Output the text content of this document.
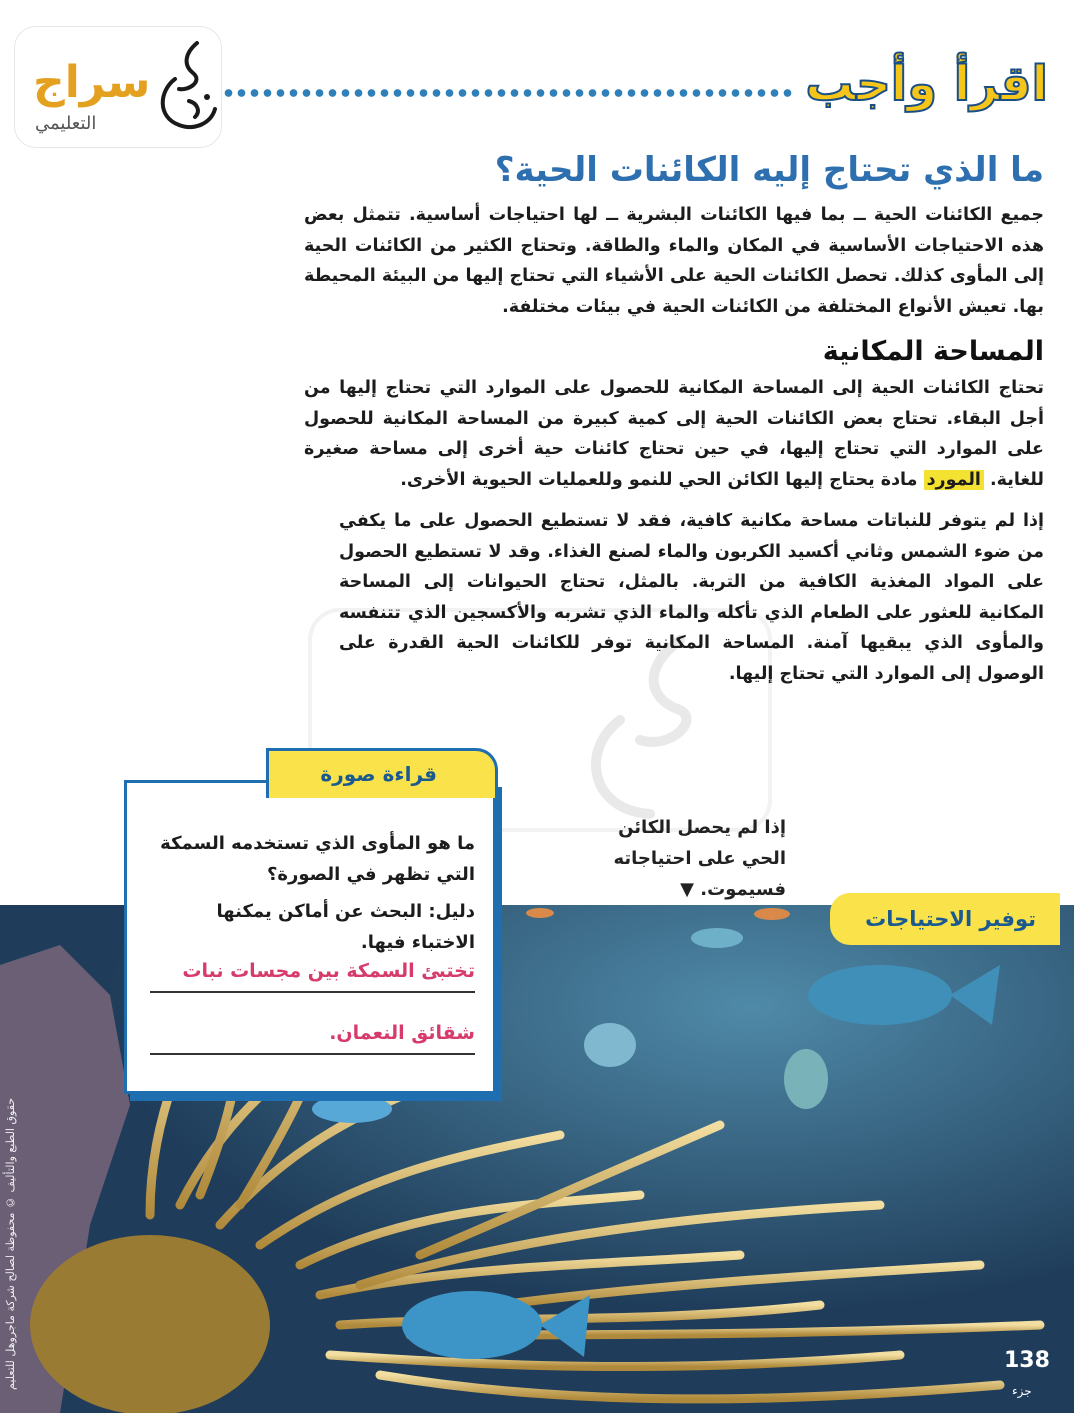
سراج
التعليمي
اقرأ وأجب
ما الذي تحتاج إليه الكائنات الحية؟

جميع الكائنات الحية ــ بما فيها الكائنات البشرية ــ لها احتياجات أساسية. تتمثل بعض هذه الاحتياجات الأساسية في المكان والماء والطاقة. وتحتاج الكثير من الكائنات الحية إلى المأوى كذلك. تحصل الكائنات الحية على الأشياء التي تحتاج إليها من البيئة المحيطة بها. تعيش الأنواع المختلفة من الكائنات الحية في بيئات مختلفة.

المساحة المكانية

تحتاج الكائنات الحية إلى المساحة المكانية للحصول على الموارد التي تحتاج إليها من أجل البقاء. تحتاج بعض الكائنات الحية إلى كمية كبيرة من المساحة المكانية للحصول على الموارد التي تحتاج إليها، في حين تحتاج كائنات حية أخرى إلى مساحة صغيرة للغاية. المورد مادة يحتاج إليها الكائن الحي للنمو وللعمليات الحيوية الأخرى.

إذا لم يتوفر للنباتات مساحة مكانية كافية، فقد لا تستطيع الحصول على ما يكفي من ضوء الشمس وثاني أكسيد الكربون والماء لصنع الغذاء. وقد لا تستطيع الحصول على المواد المغذية الكافية من التربة. بالمثل، تحتاج الحيوانات إلى المساحة المكانية للعثور على الطعام الذي تأكله والماء الذي تشربه والأكسجين الذي تتنفسه والمأوى الذي يبقيها آمنة. المساحة المكانية توفر للكائنات الحية القدرة على الوصول إلى الموارد التي تحتاج إليها.

إذا لم يحصل الكائن الحي على احتياجاته فسيموت. ▼

توفير الاحتياجات
قراءة صورة

ما هو المأوى الذي تستخدمه السمكة التي تظهر في الصورة؟

دليل: البحث عن أماكن يمكنها الاختباء فيها.

تختبئ السمكة بين مجسات نبات

شقائق النعمان.

138
جزء
حقوق الطبع والتأليف © محفوظة لصالح شركة ماجروهل للتعليم
